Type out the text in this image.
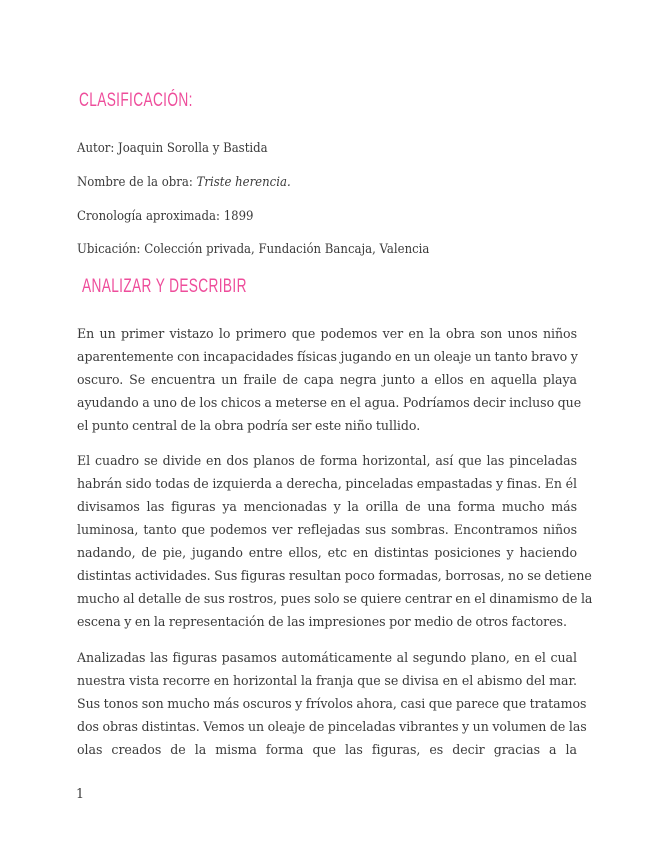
CLASIFICACIÓN:
Autor: Joaquin Sorolla y Bastida
Nombre de la obra: Triste herencia.
Cronología aproximada: 1899
Ubicación: Colección privada, Fundación Bancaja, Valencia
ANALIZAR Y DESCRIBIR
En un primer vistazo lo primero que podemos ver en la obra son unos niños
aparentemente con incapacidades físicas jugando en un oleaje un tanto bravo y
oscuro. Se encuentra un fraile de capa negra junto a ellos en aquella playa
ayudando a uno de los chicos a meterse en el agua. Podríamos decir incluso que
el punto central de la obra podría ser este niño tullido.
El cuadro se divide en dos planos de forma horizontal, así que las pinceladas
habrán sido todas de izquierda a derecha, pinceladas empastadas y finas. En él
divisamos las figuras ya mencionadas y la orilla de una forma mucho más
luminosa, tanto que podemos ver reflejadas sus sombras. Encontramos niños
nadando, de pie, jugando entre ellos, etc en distintas posiciones y haciendo
distintas actividades. Sus figuras resultan poco formadas, borrosas, no se detiene
mucho al detalle de sus rostros, pues solo se quiere centrar en el dinamismo de la
escena y en la representación de las impresiones por medio de otros factores.
Analizadas las figuras pasamos automáticamente al segundo plano, en el cual
nuestra vista recorre en horizontal la franja que se divisa en el abismo del mar.
Sus tonos son mucho más oscuros y frívolos ahora, casi que parece que tratamos
dos obras distintas. Vemos un oleaje de pinceladas vibrantes y un volumen de las
olas creados de la misma forma que las figuras, es decir gracias a la
1
